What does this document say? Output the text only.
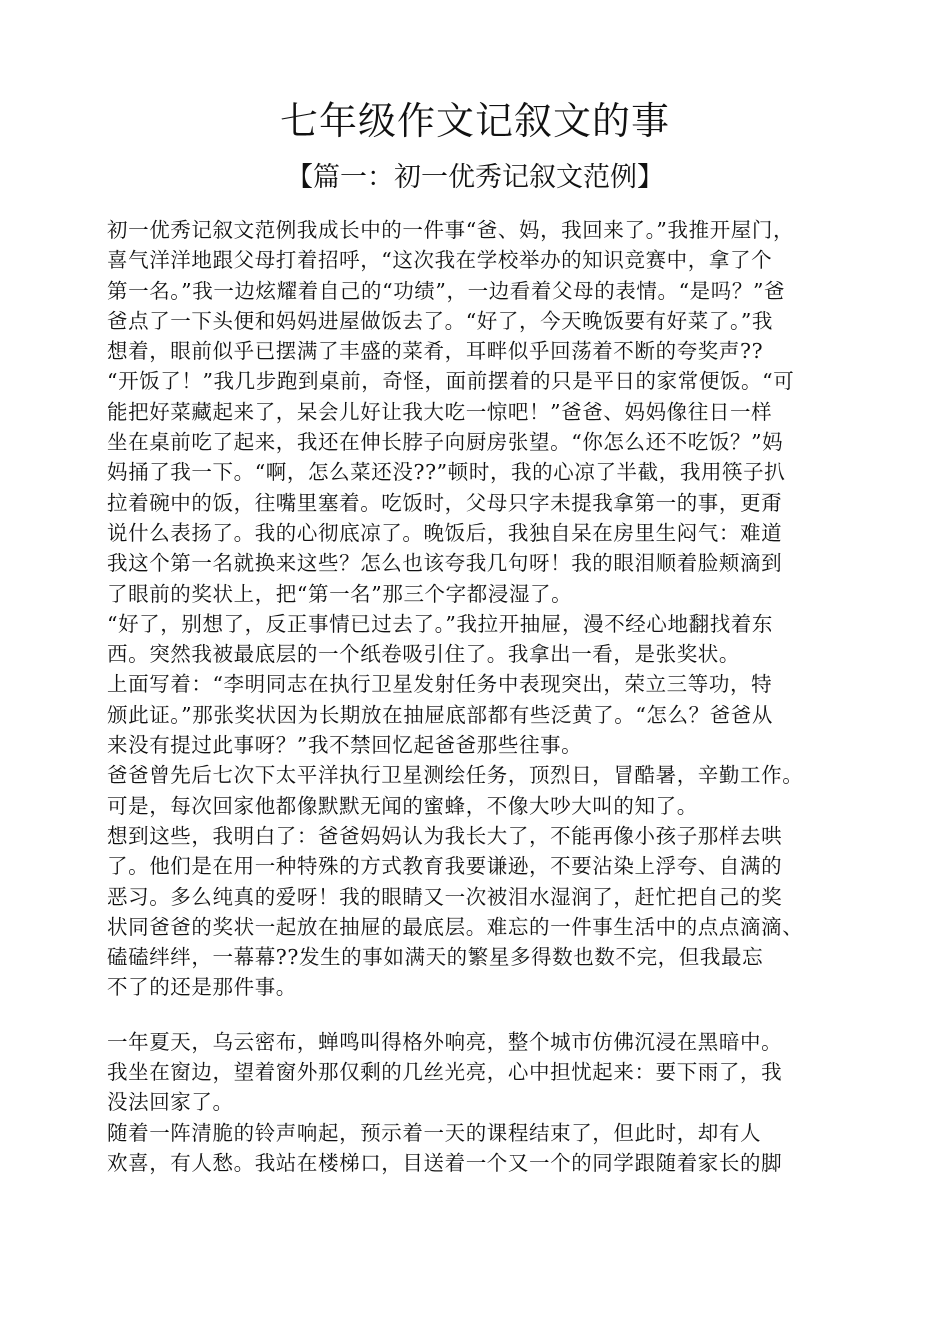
七年级作文记叙文的事
【篇一：初一优秀记叙文范例】
初一优秀记叙文范例我成长中的一件事“爸、妈，我回来了。”我推开屋门，
喜气洋洋地跟父母打着招呼，“这次我在学校举办的知识竞赛中，拿了个
第一名。”我一边炫耀着自己的“功绩”，一边看着父母的表情。“是吗？”爸
爸点了一下头便和妈妈进屋做饭去了。“好了，今天晚饭要有好菜了。”我
想着，眼前似乎已摆满了丰盛的菜肴，耳畔似乎回荡着不断的夸奖声??
“开饭了！”我几步跑到桌前，奇怪，面前摆着的只是平日的家常便饭。“可
能把好菜藏起来了，呆会儿好让我大吃一惊吧！”爸爸、妈妈像往日一样
坐在桌前吃了起来，我还在伸长脖子向厨房张望。“你怎么还不吃饭？”妈
妈捅了我一下。“啊，怎么菜还没??”顿时，我的心凉了半截，我用筷子扒
拉着碗中的饭，往嘴里塞着。吃饭时，父母只字未提我拿第一的事，更甭
说什么表扬了。我的心彻底凉了。晚饭后，我独自呆在房里生闷气：难道
我这个第一名就换来这些？怎么也该夸我几句呀！我的眼泪顺着脸颊滴到
了眼前的奖状上，把“第一名”那三个字都浸湿了。
“好了，别想了，反正事情已过去了。”我拉开抽屉，漫不经心地翻找着东
西。突然我被最底层的一个纸卷吸引住了。我拿出一看，是张奖状。
上面写着：“李明同志在执行卫星发射任务中表现突出，荣立三等功，特
颁此证。”那张奖状因为长期放在抽屉底部都有些泛黄了。“怎么？爸爸从
来没有提过此事呀？”我不禁回忆起爸爸那些往事。
爸爸曾先后七次下太平洋执行卫星测绘任务，顶烈日，冒酷暑，辛勤工作。
可是，每次回家他都像默默无闻的蜜蜂，不像大吵大叫的知了。
想到这些，我明白了：爸爸妈妈认为我长大了，不能再像小孩子那样去哄
了。他们是在用一种特殊的方式教育我要谦逊，不要沾染上浮夸、自满的
恶习。多么纯真的爱呀！我的眼睛又一次被泪水湿润了，赶忙把自己的奖
状同爸爸的奖状一起放在抽屉的最底层。难忘的一件事生活中的点点滴滴、
磕磕绊绊，一幕幕??发生的事如满天的繁星多得数也数不完，但我最忘
不了的还是那件事。
一年夏天，乌云密布，蝉鸣叫得格外响亮，整个城市仿佛沉浸在黑暗中。
我坐在窗边，望着窗外那仅剩的几丝光亮，心中担忧起来：要下雨了，我
没法回家了。
随着一阵清脆的铃声响起，预示着一天的课程结束了，但此时，却有人
欢喜，有人愁。我站在楼梯口，目送着一个又一个的同学跟随着家长的脚
